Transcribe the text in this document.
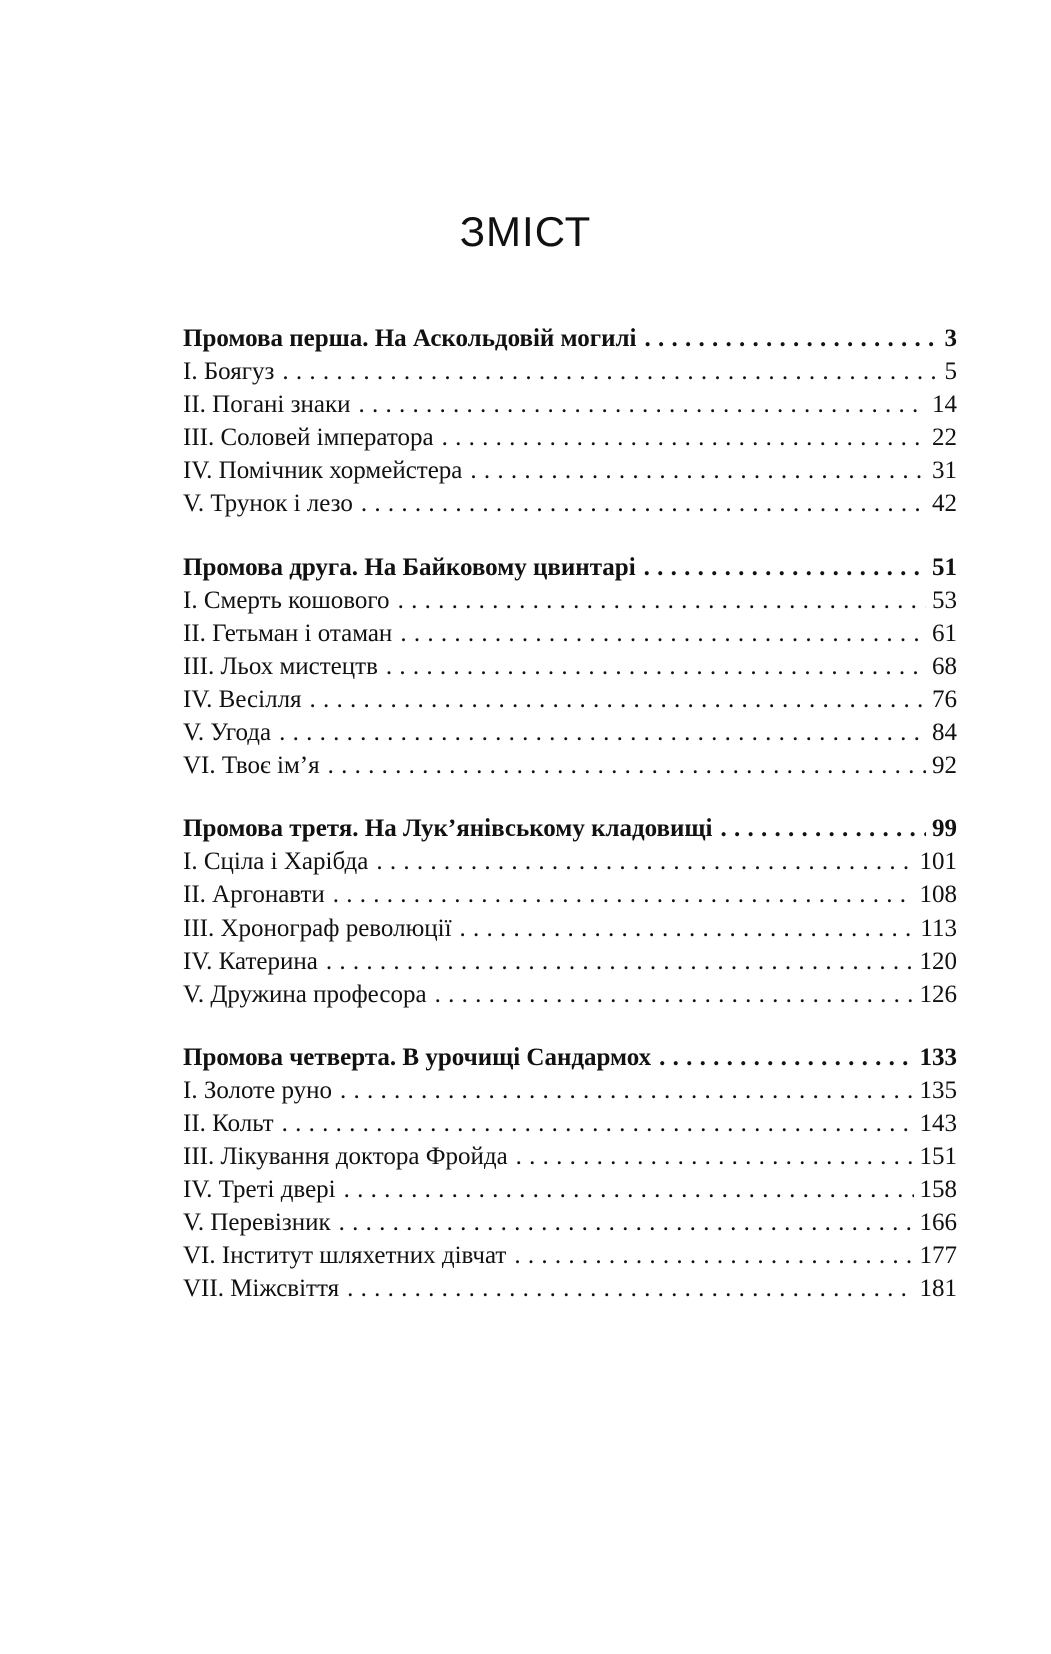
ЗМІСТ
Промова перша. На Аскольдовій могилі . . .	3
I. Боягуз . . .	5
II. Погані знаки . . .	14
III. Соловей імператора . . .	22
IV. Помічник хормейстера . . .	31
V. Трунок і лезо . . .	42
Промова друга. На Байковому цвинтарі . . .	51
I. Смерть кошового . . .	53
II. Гетьман і отаман . . .	61
III. Льох мистецтв . . .	68
IV. Весілля . . .	76
V. Угода . . .	84
VI. Твоє ім’я . . .	92
Промова третя. На Лук’янівському кладовищі . . .	99
I. Сціла і Харібда . . .	101
II. Аргонавти . . .	108
III. Хронограф революції . . .	113
IV. Катерина . . .	120
V. Дружина професора . . .	126
Промова четверта. В урочищі Сандармох . . .	133
I. Золоте руно . . .	135
II. Кольт . . .	143
III. Лікування доктора Фройда . . .	151
IV. Треті двері . . .	158
V. Перевізник . . .	166
VI. Інститут шляхетних дівчат . . .	177
VII. Міжсвіття . . .	181
